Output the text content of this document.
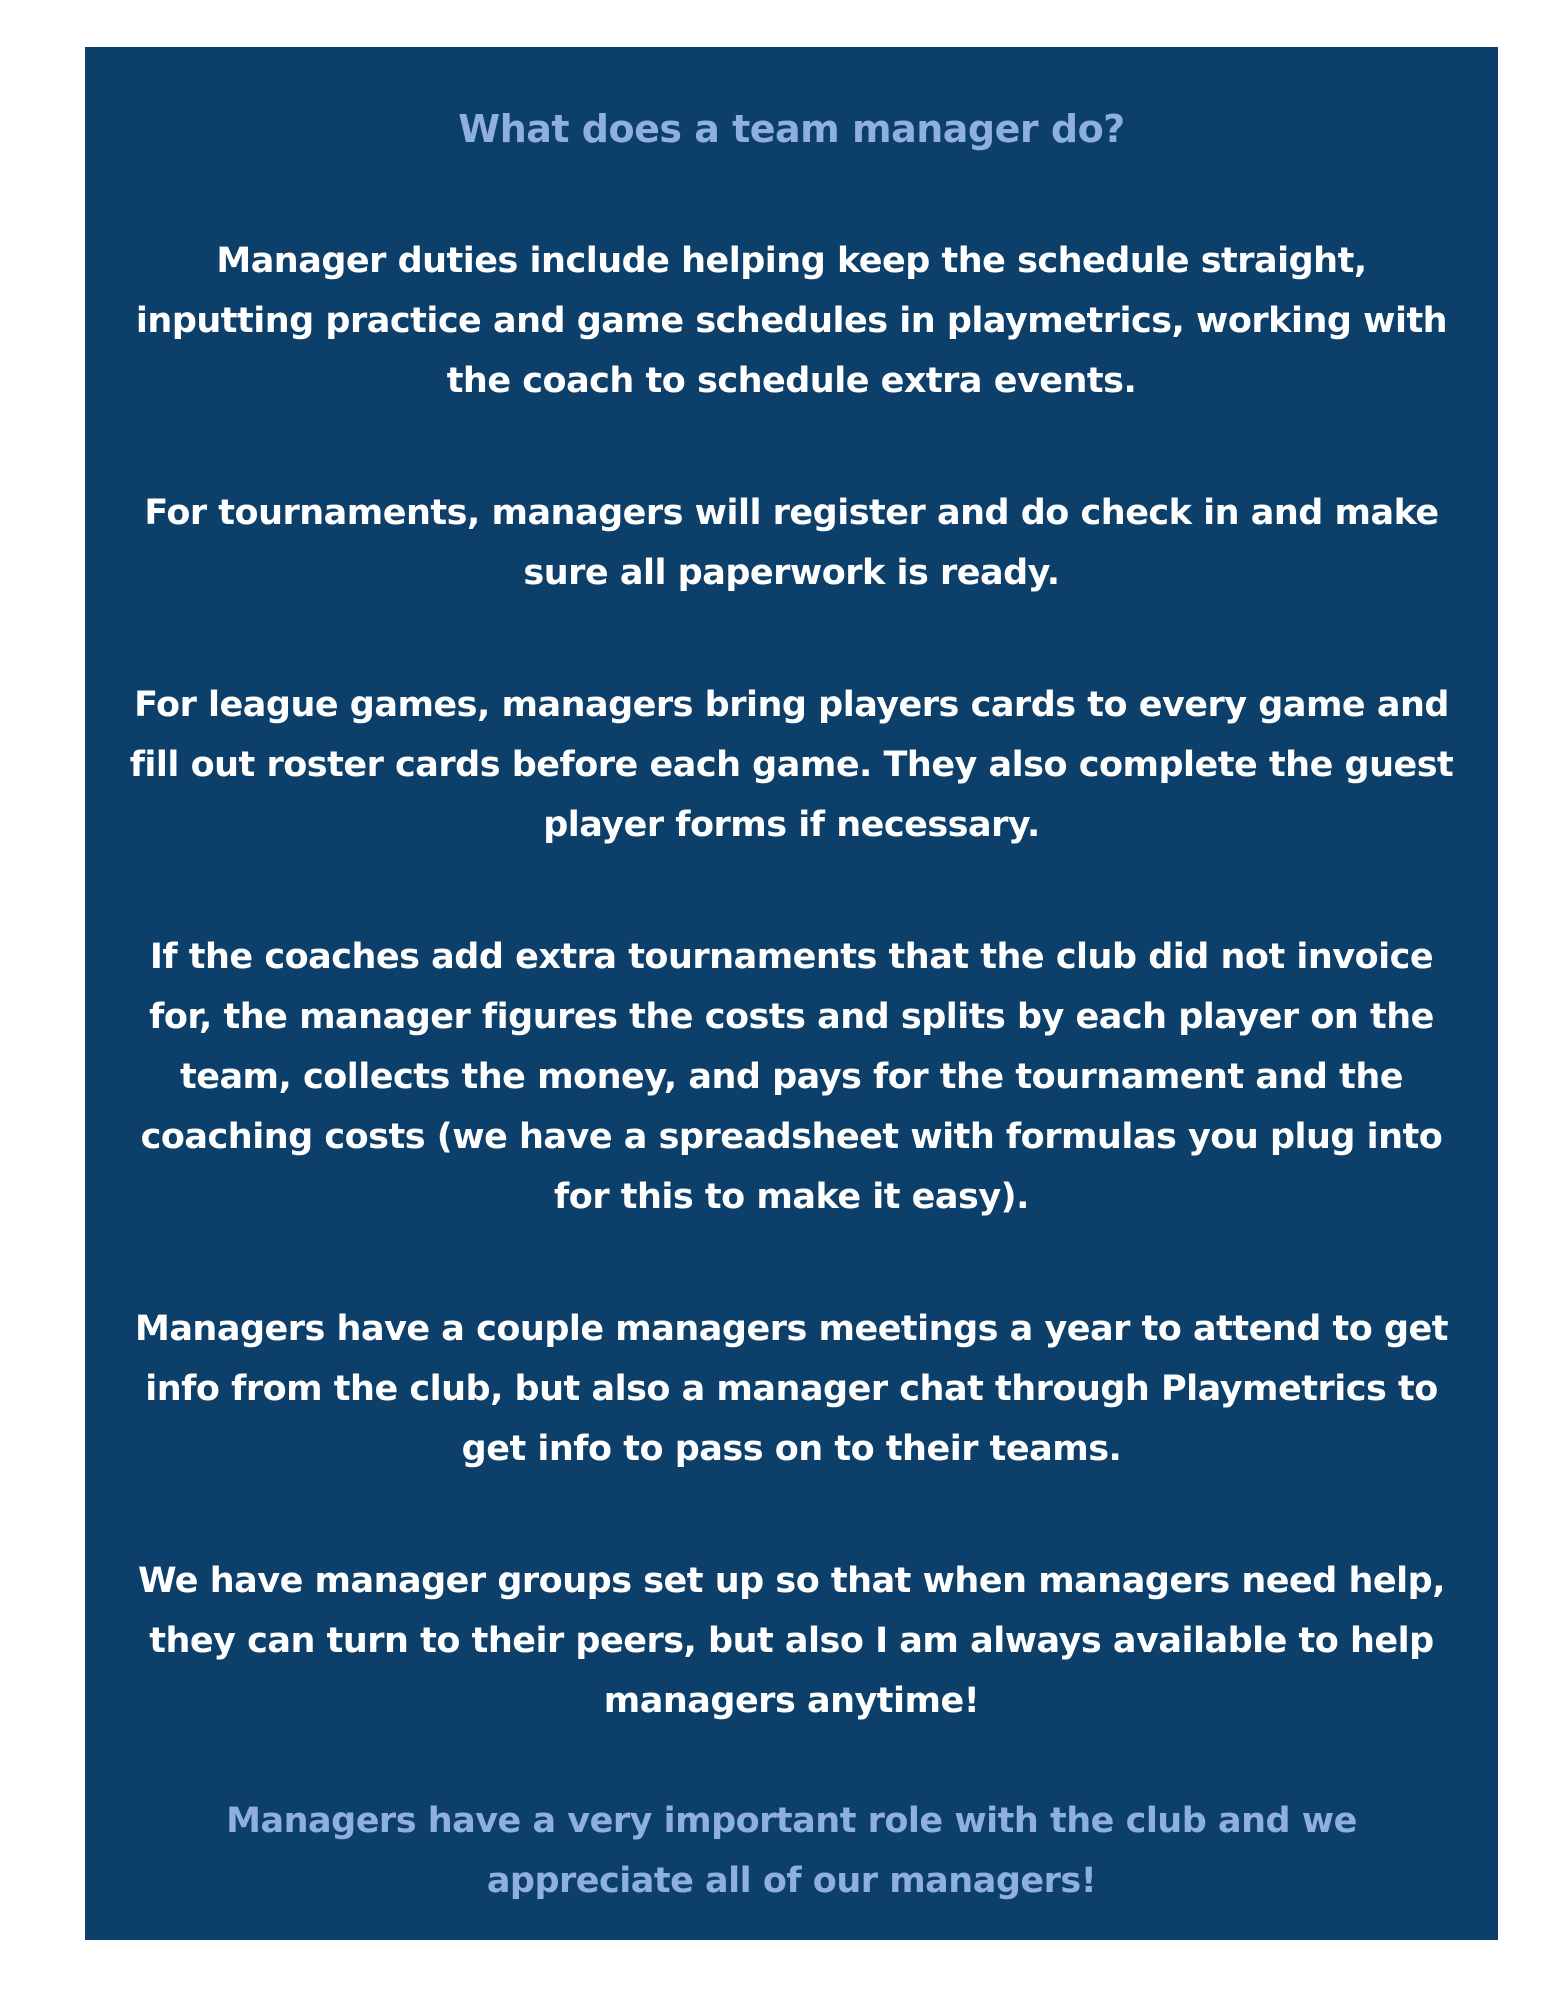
What does a team manager do?

Manager duties include helping keep the schedule straight, inputting practice and game schedules in playmetrics, working with the coach to schedule extra events.

For tournaments, managers will register and do check in and make sure all paperwork is ready.

For league games, managers bring players cards to every game and fill out roster cards before each game. They also complete the guest player forms if necessary.

If the coaches add extra tournaments that the club did not invoice for, the manager figures the costs and splits by each player on the team, collects the money, and pays for the tournament and the coaching costs (we have a spreadsheet with formulas you plug into for this to make it easy).

Managers have a couple managers meetings a year to attend to get info from the club, but also a manager chat through Playmetrics to get info to pass on to their teams.

We have manager groups set up so that when managers need help, they can turn to their peers, but also I am always available to help managers anytime!

Managers have a very important role with the club and we appreciate all of our managers!
